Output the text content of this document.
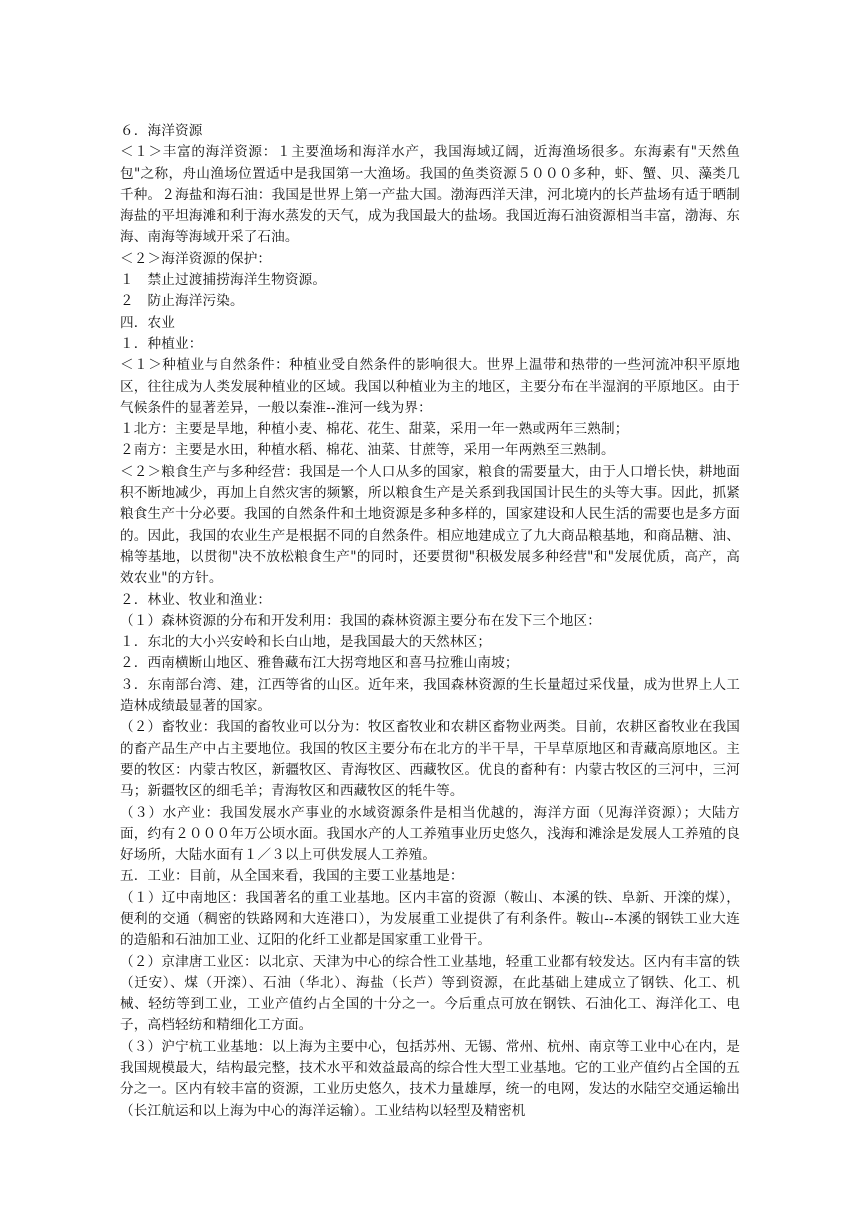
６．海洋资源

＜１＞丰富的海洋资源：１主要渔场和海洋水产，我国海域辽阔，近海渔场很多。东海素有"天然鱼包"之称，舟山渔场位置适中是我国第一大渔场。我国的鱼类资源５０００多种，虾、蟹、贝、藻类几千种。２海盐和海石油：我国是世界上第一产盐大国。渤海西洋天津，河北境内的长芦盐场有适于晒制海盐的平坦海滩和利于海水蒸发的天气，成为我国最大的盐场。我国近海石油资源相当丰富，渤海、东海、南海等海域开采了石油。

＜２＞海洋资源的保护：

１　禁止过渡捕捞海洋生物资源。

２　防止海洋污染。

四．农业

１．种植业：

＜１＞种植业与自然条件：种植业受自然条件的影响很大。世界上温带和热带的一些河流冲积平原地区，往往成为人类发展种植业的区域。我国以种植业为主的地区，主要分布在半湿润的平原地区。由于气候条件的显著差异，一般以秦淮--淮河一线为界：

１北方：主要是旱地，种植小麦、棉花、花生、甜菜，采用一年一熟或两年三熟制；

２南方：主要是水田，种植水稻、棉花、油菜、甘蔗等，采用一年两熟至三熟制。

＜２＞粮食生产与多种经营：我国是一个人口从多的国家，粮食的需要量大，由于人口增长快，耕地面积不断地减少，再加上自然灾害的频繁，所以粮食生产是关系到我国国计民生的头等大事。因此，抓紧粮食生产十分必要。我国的自然条件和土地资源是多种多样的，国家建设和人民生活的需要也是多方面的。因此，我国的农业生产是根据不同的自然条件。相应地建成立了九大商品粮基地，和商品糖、油、棉等基地，以贯彻"决不放松粮食生产"的同时，还要贯彻"积极发展多种经营"和"发展优质，高产，高效农业"的方针。

２．林业、牧业和渔业：

（１）森林资源的分布和开发利用：我国的森林资源主要分布在发下三个地区：

１．东北的大小兴安岭和长白山地，是我国最大的天然林区；

２．西南横断山地区、雅鲁藏布江大拐弯地区和喜马拉雅山南坡；

３．东南部台湾、建，江西等省的山区。近年来，我国森林资源的生长量超过采伐量，成为世界上人工造林成绩最显著的国家。

（２）畜牧业：我国的畜牧业可以分为：牧区畜牧业和农耕区畜物业两类。目前，农耕区畜牧业在我国的畜产品生产中占主要地位。我国的牧区主要分布在北方的半干旱，干旱草原地区和青藏高原地区。主要的牧区：内蒙古牧区，新疆牧区、青海牧区、西藏牧区。优良的畜种有：内蒙古牧区的三河中，三河马；新疆牧区的细毛羊；青海牧区和西藏牧区的牦牛等。

（３）水产业：我国发展水产事业的水域资源条件是相当优越的，海洋方面（见海洋资源）；大陆方面，约有２０００年万公顷水面。我国水产的人工养殖事业历史悠久，浅海和滩涂是发展人工养殖的良好场所，大陆水面有１／３以上可供发展人工养殖。

五．工业：目前，从全国来看，我国的主要工业基地是：

（１）辽中南地区：我国著名的重工业基地。区内丰富的资源（鞍山、本溪的铁、阜新、开滦的煤），便利的交通（稠密的铁路网和大连港口），为发展重工业提供了有利条件。鞍山--本溪的钢铁工业大连的造船和石油加工业、辽阳的化纤工业都是国家重工业骨干。

（２）京津唐工业区：以北京、天津为中心的综合性工业基地，轻重工业都有较发达。区内有丰富的铁（迁安）、煤（开滦）、石油（华北）、海盐（长芦）等到资源，在此基础上建成立了钢铁、化工、机械、轻纺等到工业，工业产值约占全国的十分之一。今后重点可放在钢铁、石油化工、海洋化工、电子，高档轻纺和精细化工方面。

（３）沪宁杭工业基地：以上海为主要中心，包括苏州、无锡、常州、杭州、南京等工业中心在内，是我国规模最大，结构最完整，技术水平和效益最高的综合性大型工业基地。它的工业产值约占全国的五分之一。区内有较丰富的资源，工业历史悠久，技术力量雄厚，统一的电网，发达的水陆空交通运输出（长江航运和以上海为中心的海洋运输）。工业结构以轻型及精密机
